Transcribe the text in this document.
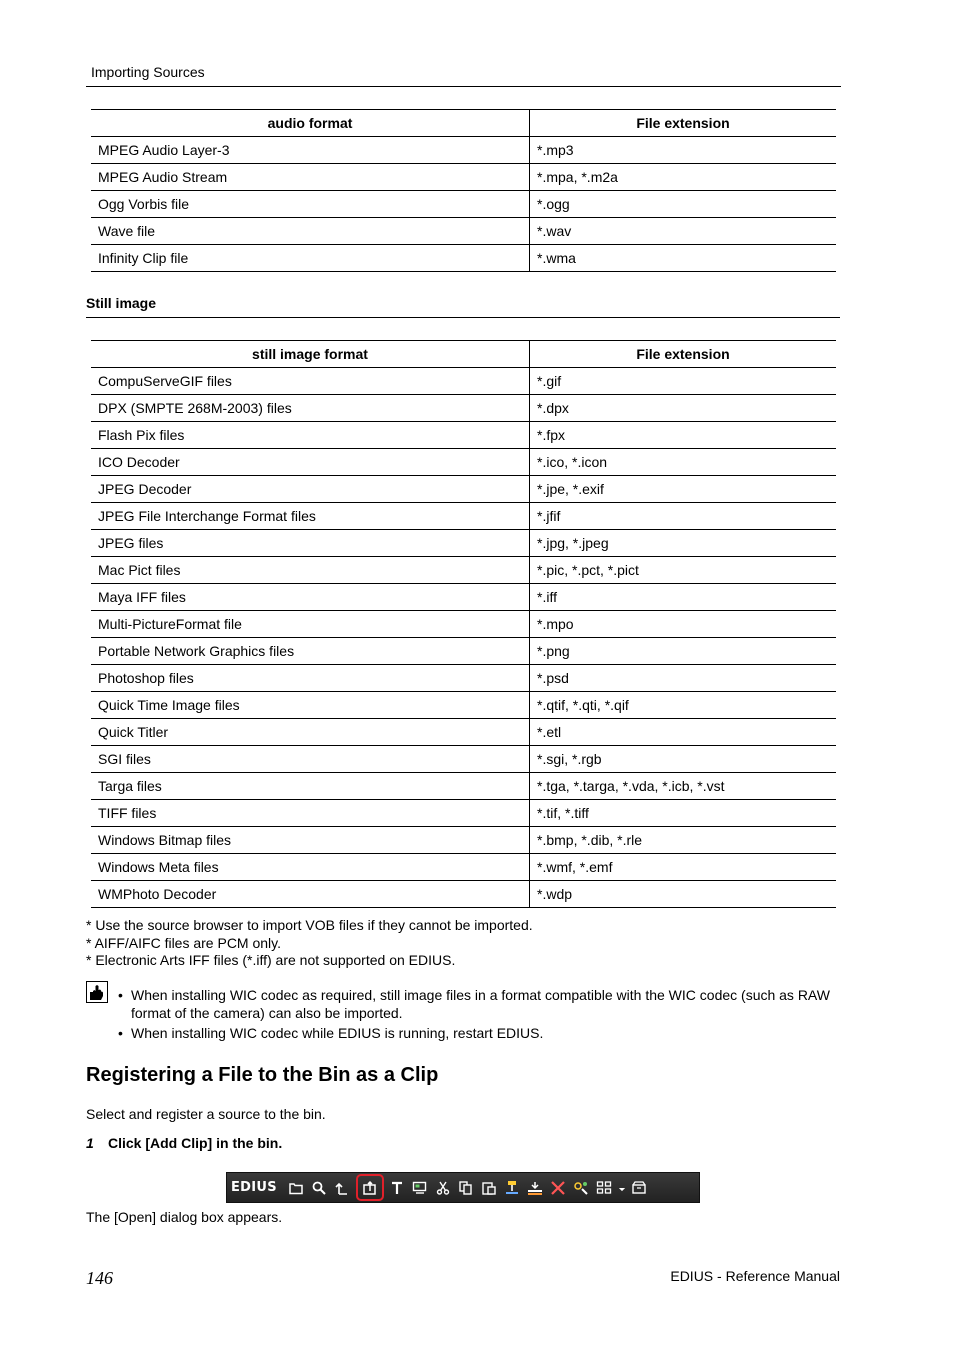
Importing Sources
audio format	File extension
MPEG Audio Layer-3	*.mp3
MPEG Audio Stream	*.mpa, *.m2a
Ogg Vorbis file	*.ogg
Wave file	*.wav
Infinity Clip file	*.wma
Still image
still image format	File extension
CompuServeGIF files	*.gif
DPX (SMPTE 268M-2003) files	*.dpx
Flash Pix files	*.fpx
ICO Decoder	*.ico, *.icon
JPEG Decoder	*.jpe, *.exif
JPEG File Interchange Format files	*.jfif
JPEG files	*.jpg, *.jpeg
Mac Pict files	*.pic, *.pct, *.pict
Maya IFF files	*.iff
Multi-PictureFormat file	*.mpo
Portable Network Graphics files	*.png
Photoshop files	*.psd
Quick Time Image files	*.qtif, *.qti, *.qif
Quick Titler	*.etl
SGI files	*.sgi, *.rgb
Targa files	*.tga, *.targa, *.vda, *.icb, *.vst
TIFF files	*.tif, *.tiff
Windows Bitmap files	*.bmp, *.dib, *.rle
Windows Meta files	*.wmf, *.emf
WMPhoto Decoder	*.wdp
* Use the source browser to import VOB files if they cannot be imported.
* AIFF/AIFC files are PCM only.
* Electronic Arts IFF files (*.iff) are not supported on EDIUS.
• When installing WIC codec as required, still image files in a format compatible with the WIC codec (such as RAW format of the camera) can also be imported.
• When installing WIC codec while EDIUS is running, restart EDIUS.
Registering a File to the Bin as a Clip
Select and register a source to the bin.
1 Click [Add Clip] in the bin.
EDIUS
The [Open] dialog box appears.
146	EDIUS - Reference Manual
